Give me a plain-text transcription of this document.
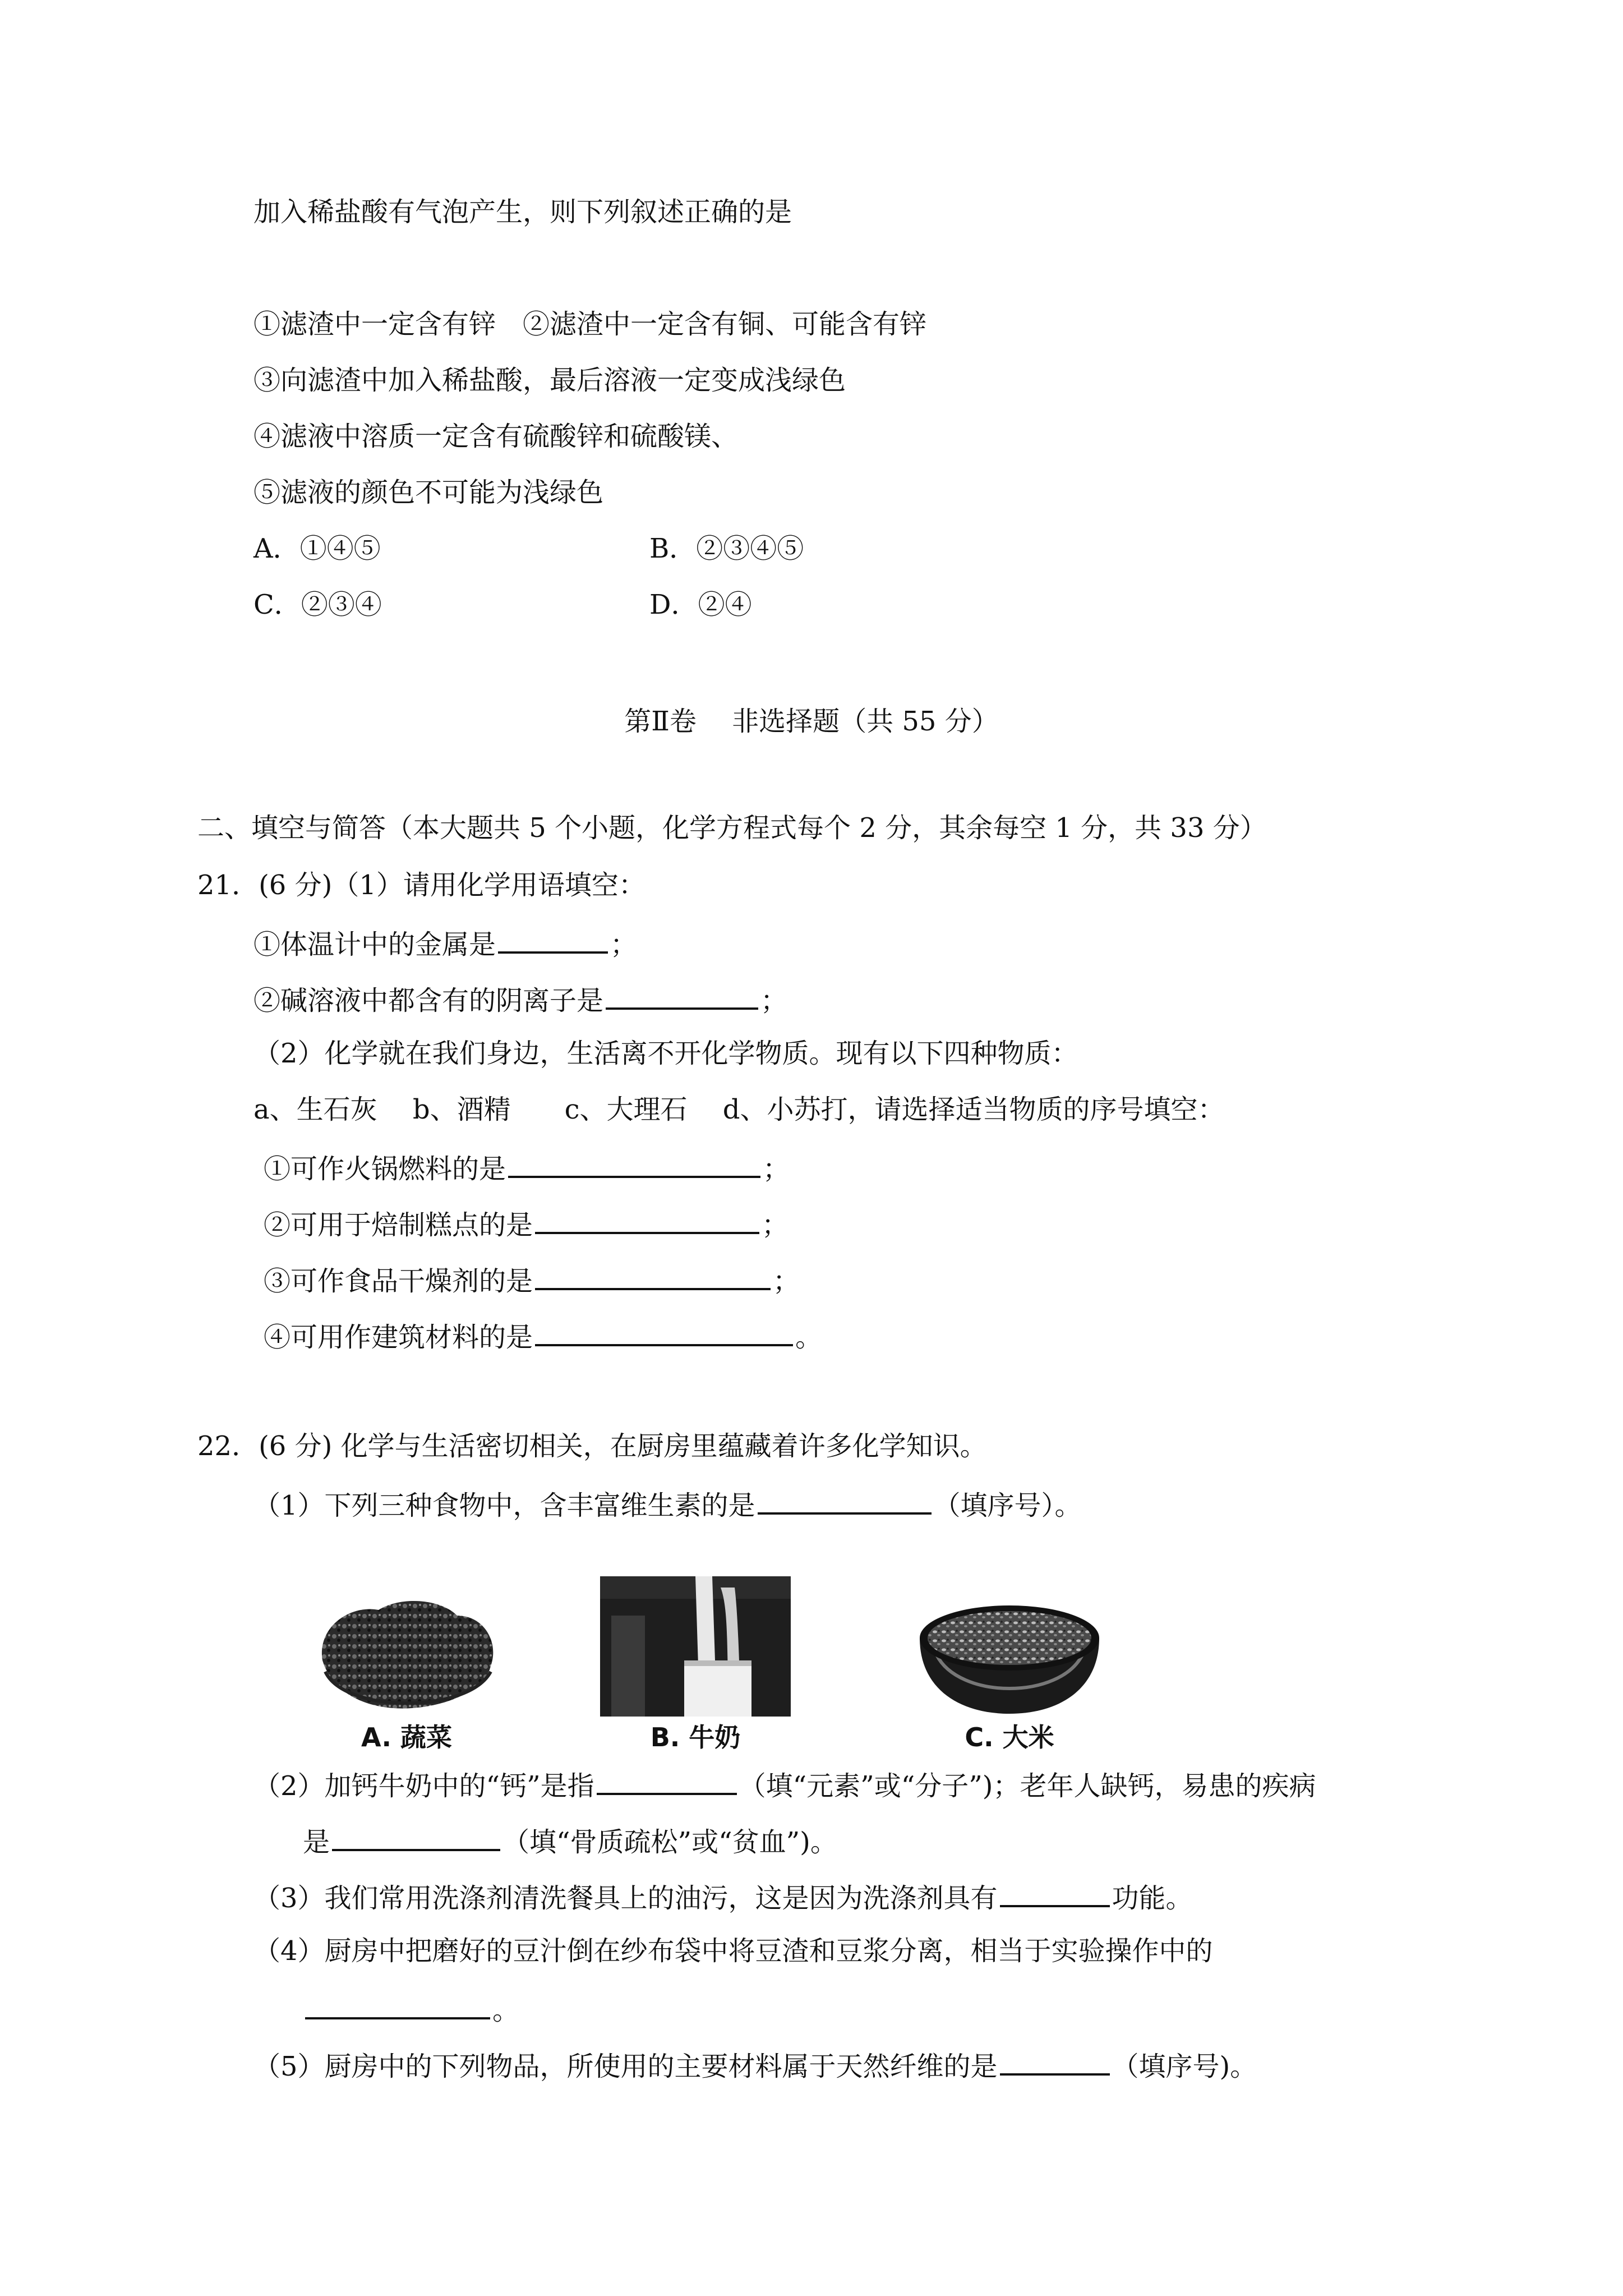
加入稀盐酸有气泡产生，则下列叙述正确的是
①滤渣中一定含有锌　②滤渣中一定含有铜、可能含有锌
③向滤渣中加入稀盐酸，最后溶液一定变成浅绿色
④滤液中溶质一定含有硫酸锌和硫酸镁、
⑤滤液的颜色不可能为浅绿色
A．①④⑤	B．②③④⑤
C．②③④	D．②④
第Ⅱ卷　 非选择题（共 55 分）
二、填空与简答（本大题共 5 个小题，化学方程式每个 2 分，其余每空 1 分，共 33 分）
21．(6 分)（1）请用化学用语填空：
①体温计中的金属是	；
②碱溶液中都含有的阴离子是	；
（2）化学就在我们身边，生活离不开化学物质。现有以下四种物质：
a、生石灰　 b、酒精　　c、大理石　 d、小苏打，请选择适当物质的序号填空：
①可作火锅燃料的是	；
②可用于焙制糕点的是	；
③可作食品干燥剂的是	；
④可用作建筑材料的是	。
22．(6 分) 化学与生活密切相关，在厨房里蕴藏着许多化学知识。
（1）下列三种食物中，含丰富维生素的是	（填序号）。
A. 蔬菜	B. 牛奶	C. 大米
（2）加钙牛奶中的“钙”是指	（填“元素”或“分子”)；老年人缺钙，易患的疾病
是	（填“骨质疏松”或“贫血”)。
（3）我们常用洗涤剂清洗餐具上的油污，这是因为洗涤剂具有	功能。
（4）厨房中把磨好的豆汁倒在纱布袋中将豆渣和豆浆分离，相当于实验操作中的
。
（5）厨房中的下列物品，所使用的主要材料属于天然纤维的是	（填序号)。
